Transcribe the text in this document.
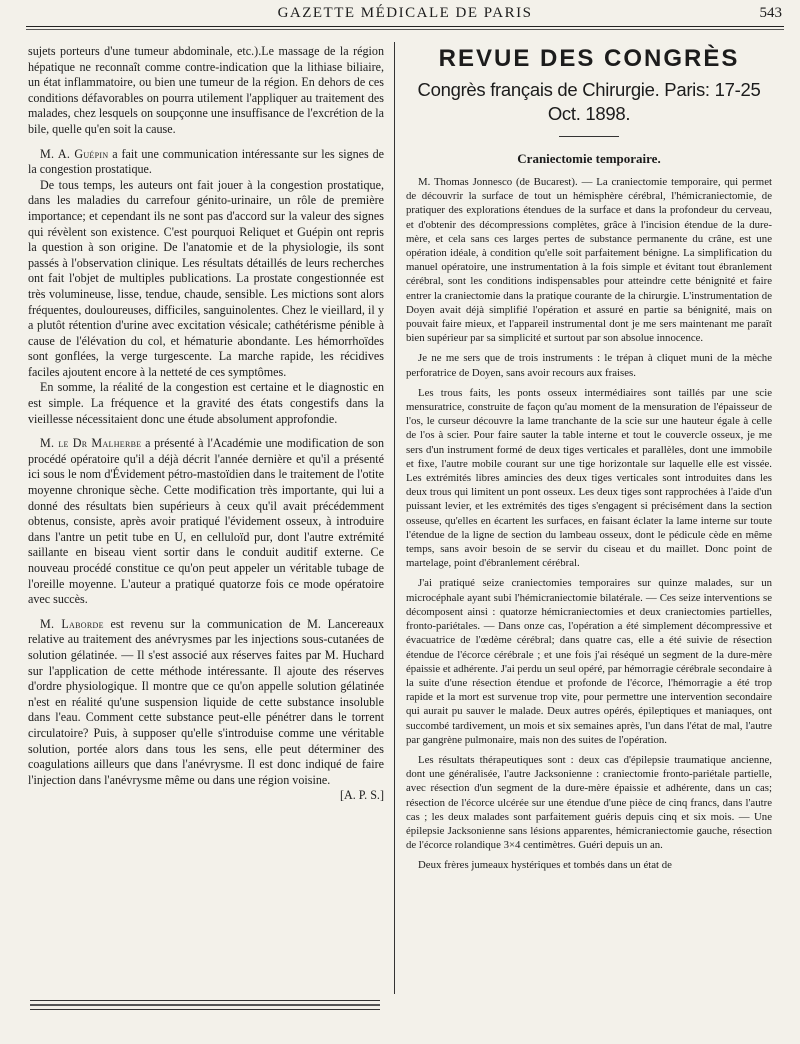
GAZETTE MÉDICALE DE PARIS	543

sujets porteurs d'une tumeur abdominale, etc.).Le massage de la région hépatique ne reconnaît comme contre-indication que la lithiase biliaire, un état inflammatoire, ou bien une tumeur de la région. En dehors de ces conditions défavorables on pourra utilement l'appliquer au traitement des malades, chez lesquels on soupçonne une insuffisance de l'excrétion de la bile, quelle qu'en soit la cause.

M. A. Guépin a fait une communication intéressante sur les signes de la congestion prostatique.

De tous temps, les auteurs ont fait jouer à la congestion prostatique, dans les maladies du carrefour génito-urinaire, un rôle de première importance; et cependant ils ne sont pas d'accord sur la valeur des signes qui révèlent son existence. C'est pourquoi Reliquet et Guépin ont repris la question à son origine. De l'anatomie et de la physiologie, ils sont passés à l'observation clinique. Les résultats détaillés de leurs recherches ont fait l'objet de multiples publications. La prostate congestionnée est très volumineuse, lisse, tendue, chaude, sensible. Les mictions sont alors fréquentes, douloureuses, difficiles, sanguinolentes. Chez le vieillard, il y a plutôt rétention d'urine avec excitation vésicale; cathétérisme pénible à cause de l'élévation du col, et hématurie abondante. Les hémorrhoïdes sont gonflées, la verge turgescente. La marche rapide, les récidives faciles ajoutent encore à la netteté de ces symptômes.

En somme, la réalité de la congestion est certaine et le diagnostic en est simple. La fréquence et la gravité des états congestifs dans la vieillesse nécessitaient donc une étude absolument approfondie.

M. le Dr Malherbe a présenté à l'Académie une modification de son procédé opératoire qu'il a déjà décrit l'année dernière et qu'il a présenté ici sous le nom d'Évidement pétro-mastoïdien dans le traitement de l'otite moyenne chronique sèche. Cette modification très importante, qui lui a donné des résultats bien supérieurs à ceux qu'il avait précédemment obtenus, consiste, après avoir pratiqué l'évidement osseux, à introduire dans l'antre un petit tube en U, en celluloïd pur, dont l'autre extrémité saillante en biseau vient sortir dans le conduit auditif externe. Ce nouveau procédé constitue ce qu'on peut appeler un véritable tubage de l'oreille moyenne. L'auteur a pratiqué quatorze fois ce mode opératoire avec succès.

M. Laborde est revenu sur la communication de M. Lancereaux relative au traitement des anévrysmes par les injections sous-cutanées de solution gélatinée. — Il s'est associé aux réserves faites par M. Huchard sur l'application de cette méthode intéressante. Il ajoute des réserves d'ordre physiologique. Il montre que ce qu'on appelle solution gélatinée n'est en réalité qu'une suspension liquide de cette substance insoluble dans l'eau. Comment cette substance peut-elle pénétrer dans le torrent circulatoire? Puis, à supposer qu'elle s'introduise comme une véritable solution, portée alors dans tous les sens, elle peut déterminer des coagulations ailleurs que dans l'anévrysme. Il est donc indiqué de faire l'injection dans l'anévrysme même ou dans une région voisine.
[A. P. S.]

REVUE DES CONGRÈS
Congrès français de Chirurgie. Paris: 17-25 Oct. 1898.
Craniectomie temporaire.

M. Thomas Jonnesco (de Bucarest). — La craniectomie temporaire, qui permet de découvrir la surface de tout un hémisphère cérébral, l'hémicraniectomie, de pratiquer des explorations étendues de la surface et dans la profondeur du cerveau, et d'obtenir des décompressions complètes, grâce à l'incision étendue de la dure-mère, et cela sans ces larges pertes de substance permanente du crâne, est une opération idéale, à condition qu'elle soit parfaitement bénigne. La simplification du manuel opératoire, une instrumentation à la fois simple et évitant tout ébranlement cérébral, sont les conditions indispensables pour atteindre cette bénignité et faire entrer la craniectomie dans la pratique courante de la chirurgie. L'instrumentation de Doyen avait déjà simplifié l'opération et assuré en partie sa bénignité, mais on pouvait faire mieux, et l'appareil instrumental dont je me sers maintenant me paraît bien supérieur par sa simplicité et surtout par son absolue innocence.

Je ne me sers que de trois instruments : le trépan à cliquet muni de la mèche perforatrice de Doyen, sans avoir recours aux fraises.

Les trous faits, les ponts osseux intermédiaires sont taillés par une scie mensuratrice, construite de façon qu'au moment de la mensuration de l'épaisseur de l'os, le curseur découvre la lame tranchante de la scie sur une hauteur égale à celle de l'os à scier. Pour faire sauter la table interne et tout le couvercle osseux, je me sers d'un instrument formé de deux tiges verticales et parallèles, dont une immobile et fixe, l'autre mobile courant sur une tige horizontale sur laquelle elle est vissée. Les extrémités libres amincies des deux tiges verticales sont introduites dans les deux trous qui limitent un pont osseux. Les deux tiges sont rapprochées à l'aide d'un puissant levier, et les extrémités des tiges s'engagent si précisément dans la section osseuse, qu'elles en écartent les surfaces, en faisant éclater la lame interne sur toute l'étendue de la ligne de section du lambeau osseux, dont le pédicule cède en même temps, sans avoir besoin de se servir du ciseau et du maillet. Donc point de martelage, point d'ébranlement cérébral.

J'ai pratiqué seize craniectomies temporaires sur quinze malades, sur un microcéphale ayant subi l'hémicraniectomie bilatérale. — Ces seize interventions se décomposent ainsi : quatorze hémicraniectomies et deux craniectomies partielles, fronto-pariétales. — Dans onze cas, l'opération a été simplement décompressive et évacuatrice de l'œdème cérébral; dans quatre cas, elle a été suivie de résection étendue de l'écorce cérébrale ; et une fois j'ai réséqué un segment de la dure-mère épaissie et adhérente. J'ai perdu un seul opéré, par hémorragie cérébrale secondaire à la suite d'une résection étendue et profonde de l'écorce, l'hémorragie a été trop rapide et la mort est survenue trop vite, pour permettre une intervention secondaire qui aurait pu sauver le malade. Deux autres opérés, épileptiques et maniaques, ont succombé tardivement, un mois et six semaines après, l'un dans l'état de mal, l'autre par gangrène pulmonaire, mais non des suites de l'opération.

Les résultats thérapeutiques sont : deux cas d'épilepsie traumatique ancienne, dont une généralisée, l'autre Jacksonienne : craniectomie fronto-pariétale partielle, avec résection d'un segment de la dure-mère épaissie et adhérente, dans un cas; résection de l'écorce ulcérée sur une étendue d'une pièce de cinq francs, dans l'autre cas ; les deux malades sont parfaitement guéris depuis cinq et six mois. — Une épilepsie Jacksonienne sans lésions apparentes, hémicraniectomie gauche, résection de l'écorce rolandique 3×4 centimètres. Guéri depuis un an.

Deux frères jumeaux hystériques et tombés dans un état de
